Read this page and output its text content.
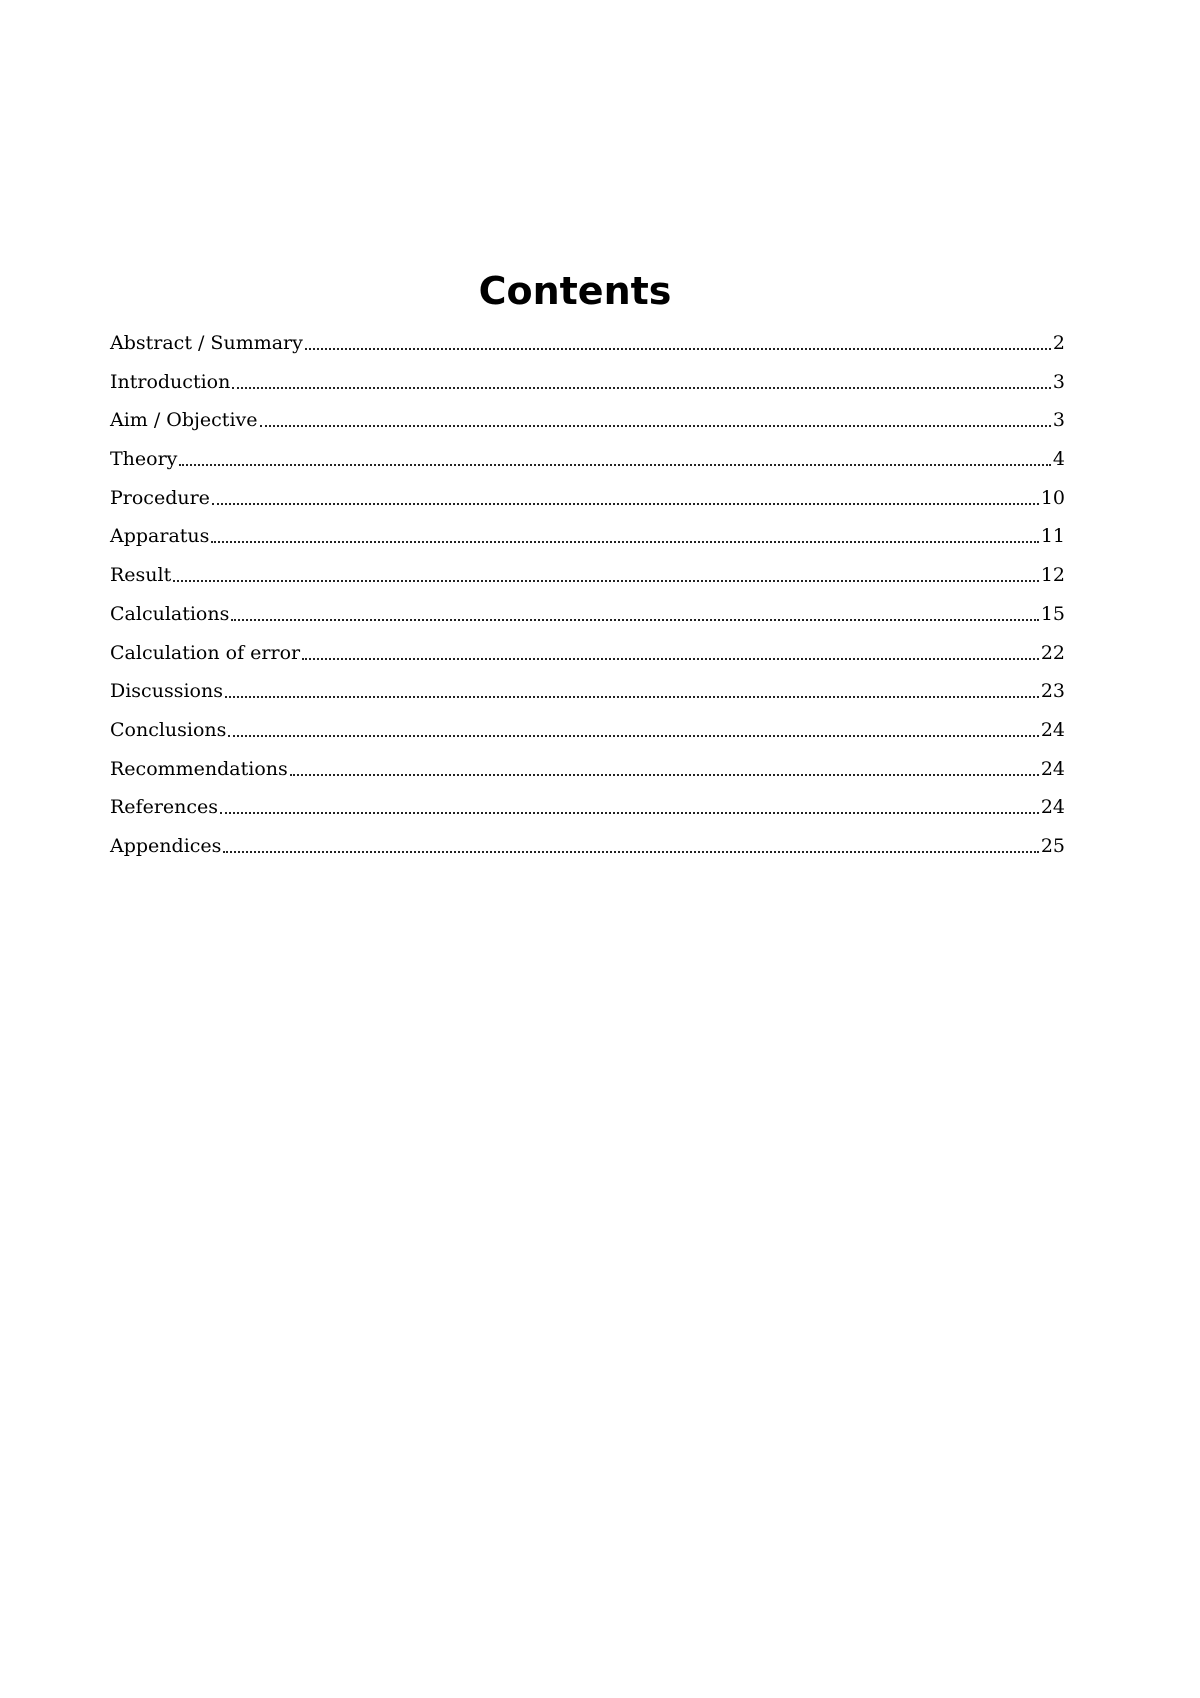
Contents
Abstract / Summary	2
Introduction	3
Aim / Objective	3
Theory	4
Procedure	10
Apparatus	11
Result	12
Calculations	15
Calculation of error	22
Discussions	23
Conclusions	24
Recommendations	24
References	24
Appendices	25
